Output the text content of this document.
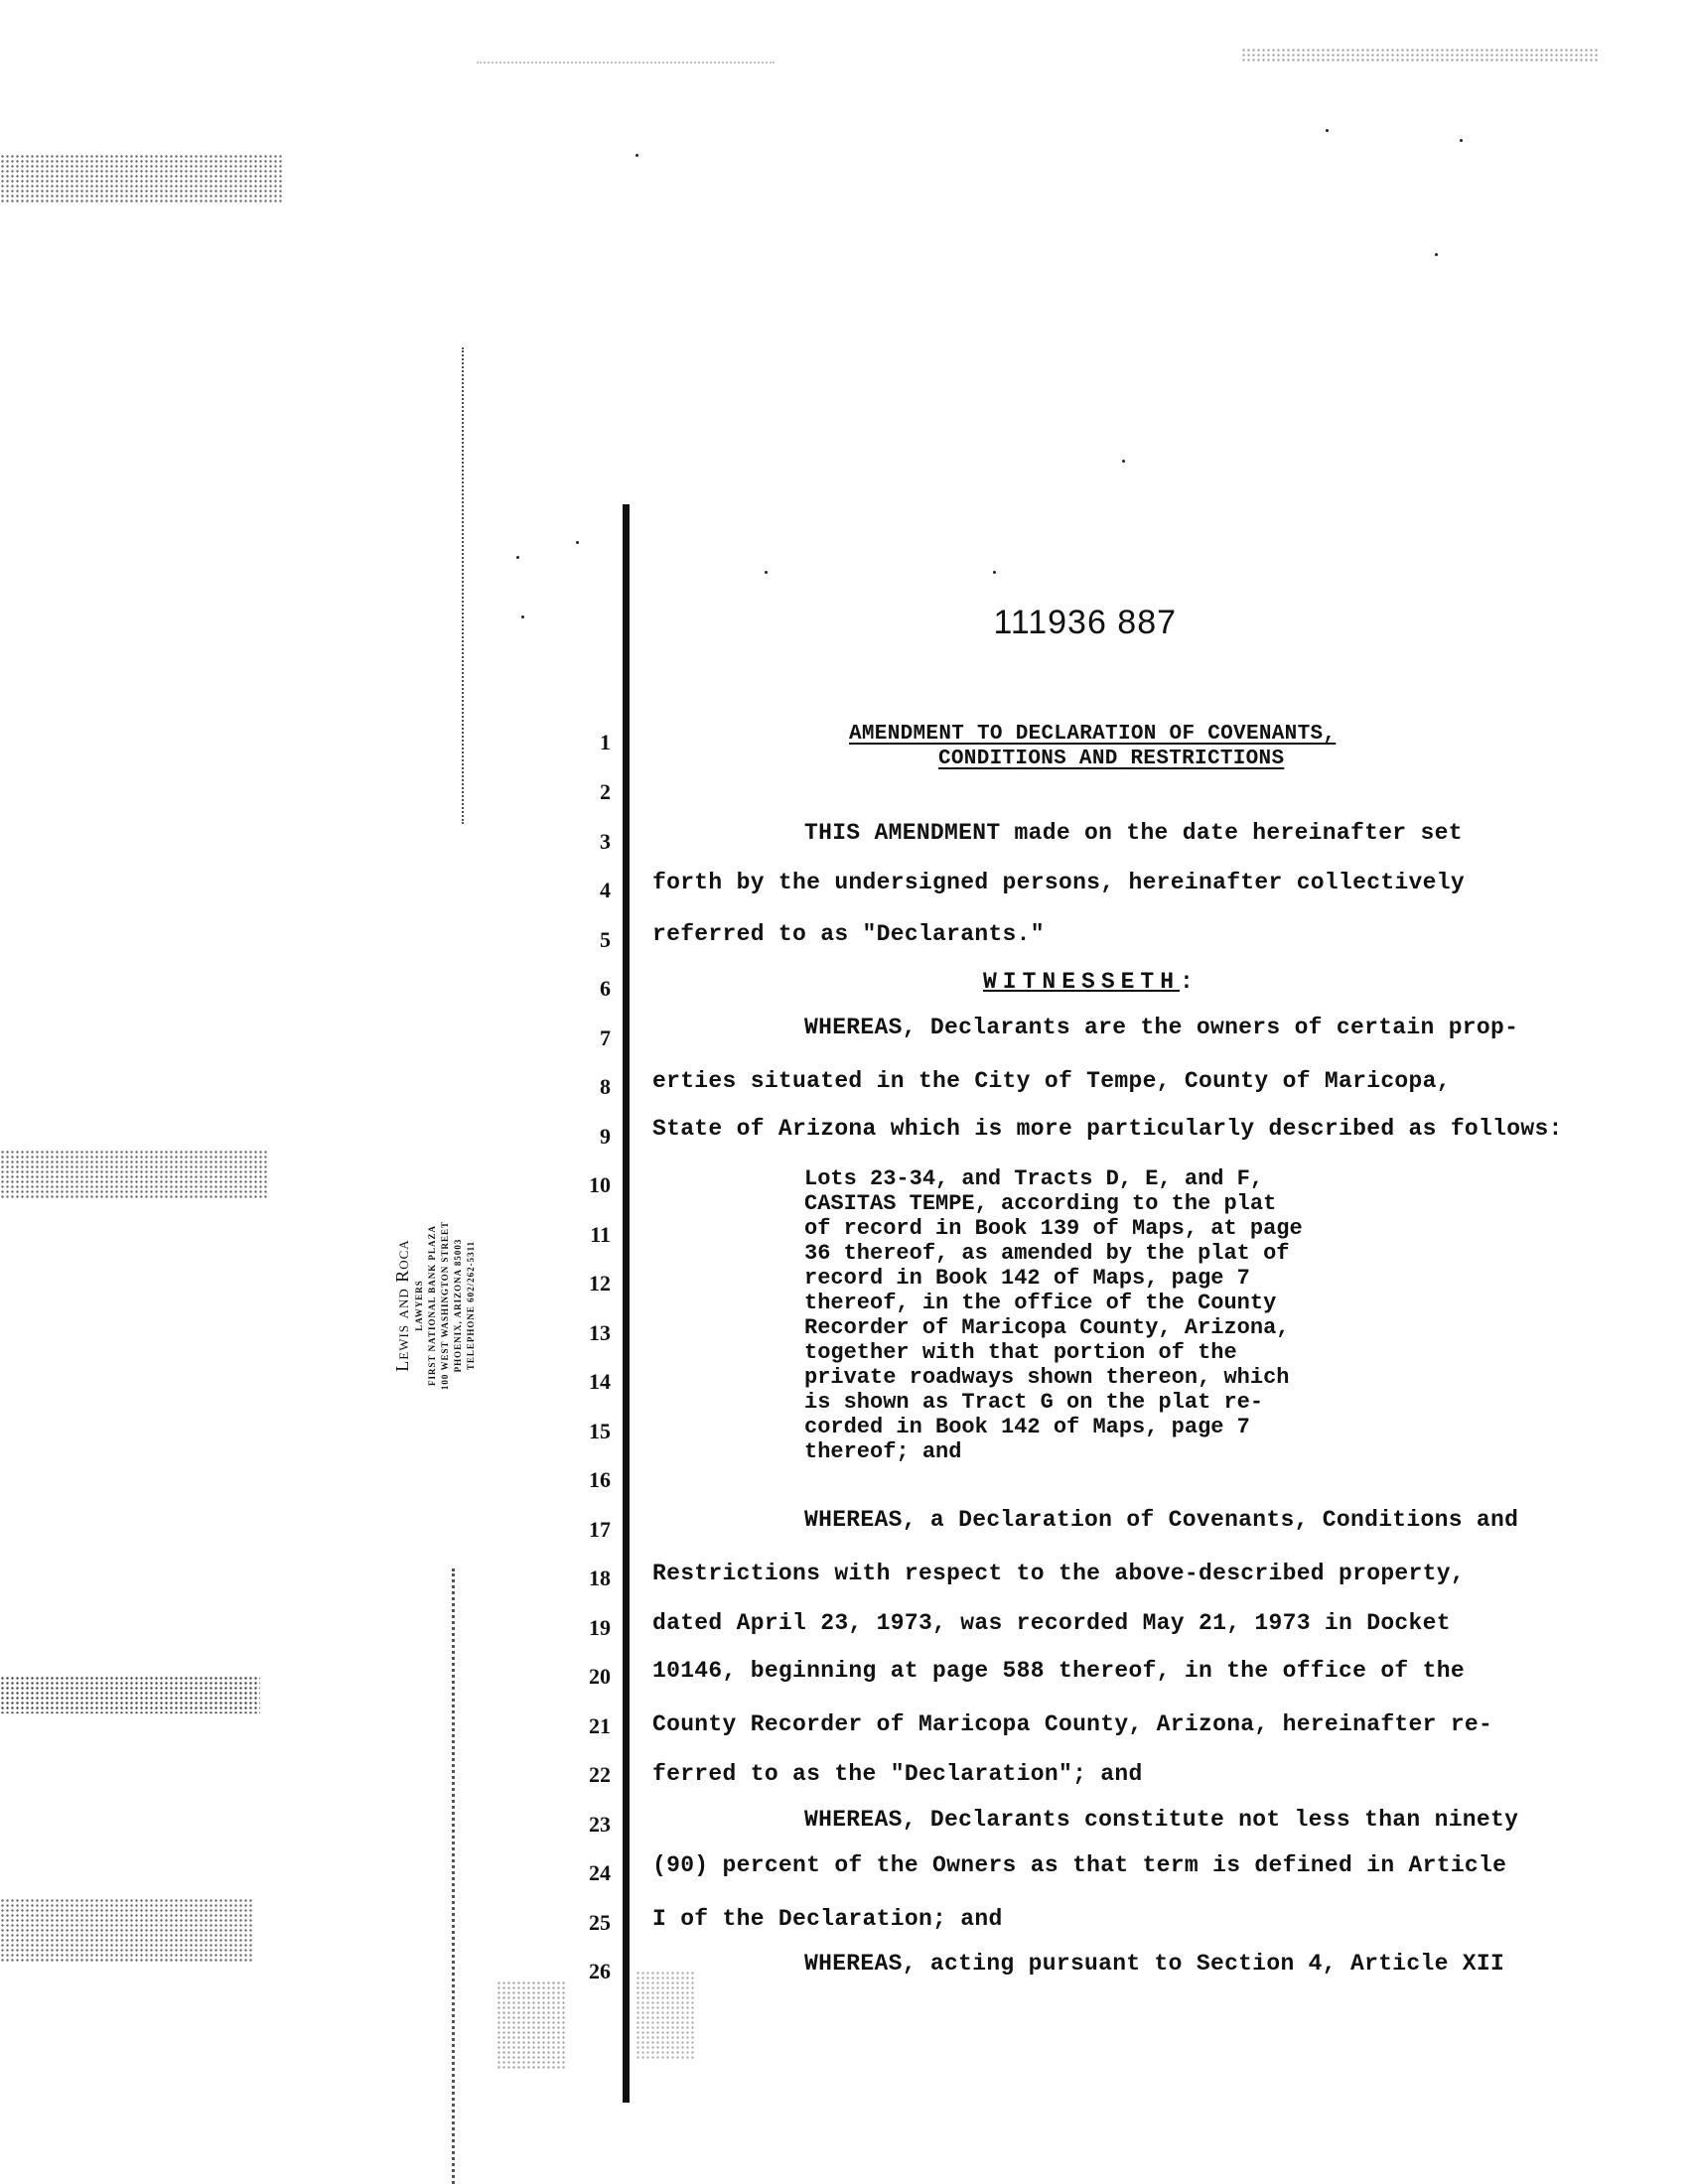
Lewis and Roca LAWYERS FIRST NATIONAL BANK PLAZA 100 WEST WASHINGTON STREET PHOENIX, ARIZONA 85003 TELEPHONE 602/262-5311
111936 887
1
2
3
4
5
6
7
8
9
10
11
12
13
14
15
16
17
18
19
20
21
22
23
24
25
26
AMENDMENT TO DECLARATION OF COVENANTS,
CONDITIONS AND RESTRICTIONS
THIS AMENDMENT made on the date hereinafter set
forth by the undersigned persons, hereinafter collectively
referred to as "Declarants."
WITNESSETH:
WHEREAS, Declarants are the owners of certain prop-
erties situated in the City of Tempe, County of Maricopa,
State of Arizona which is more particularly described as follows:
Lots 23-34, and Tracts D, E, and F,
CASITAS TEMPE, according to the plat
of record in Book 139 of Maps, at page
36 thereof, as amended by the plat of
record in Book 142 of Maps, page 7
thereof, in the office of the County
Recorder of Maricopa County, Arizona,
together with that portion of the
private roadways shown thereon, which
is shown as Tract G on the plat re-
corded in Book 142 of Maps, page 7
thereof; and
WHEREAS, a Declaration of Covenants, Conditions and
Restrictions with respect to the above-described property,
dated April 23, 1973, was recorded May 21, 1973 in Docket
10146, beginning at page 588 thereof, in the office of the
County Recorder of Maricopa County, Arizona, hereinafter re-
ferred to as the "Declaration"; and
WHEREAS, Declarants constitute not less than ninety
(90) percent of the Owners as that term is defined in Article
I of the Declaration; and
WHEREAS, acting pursuant to Section 4, Article XII
